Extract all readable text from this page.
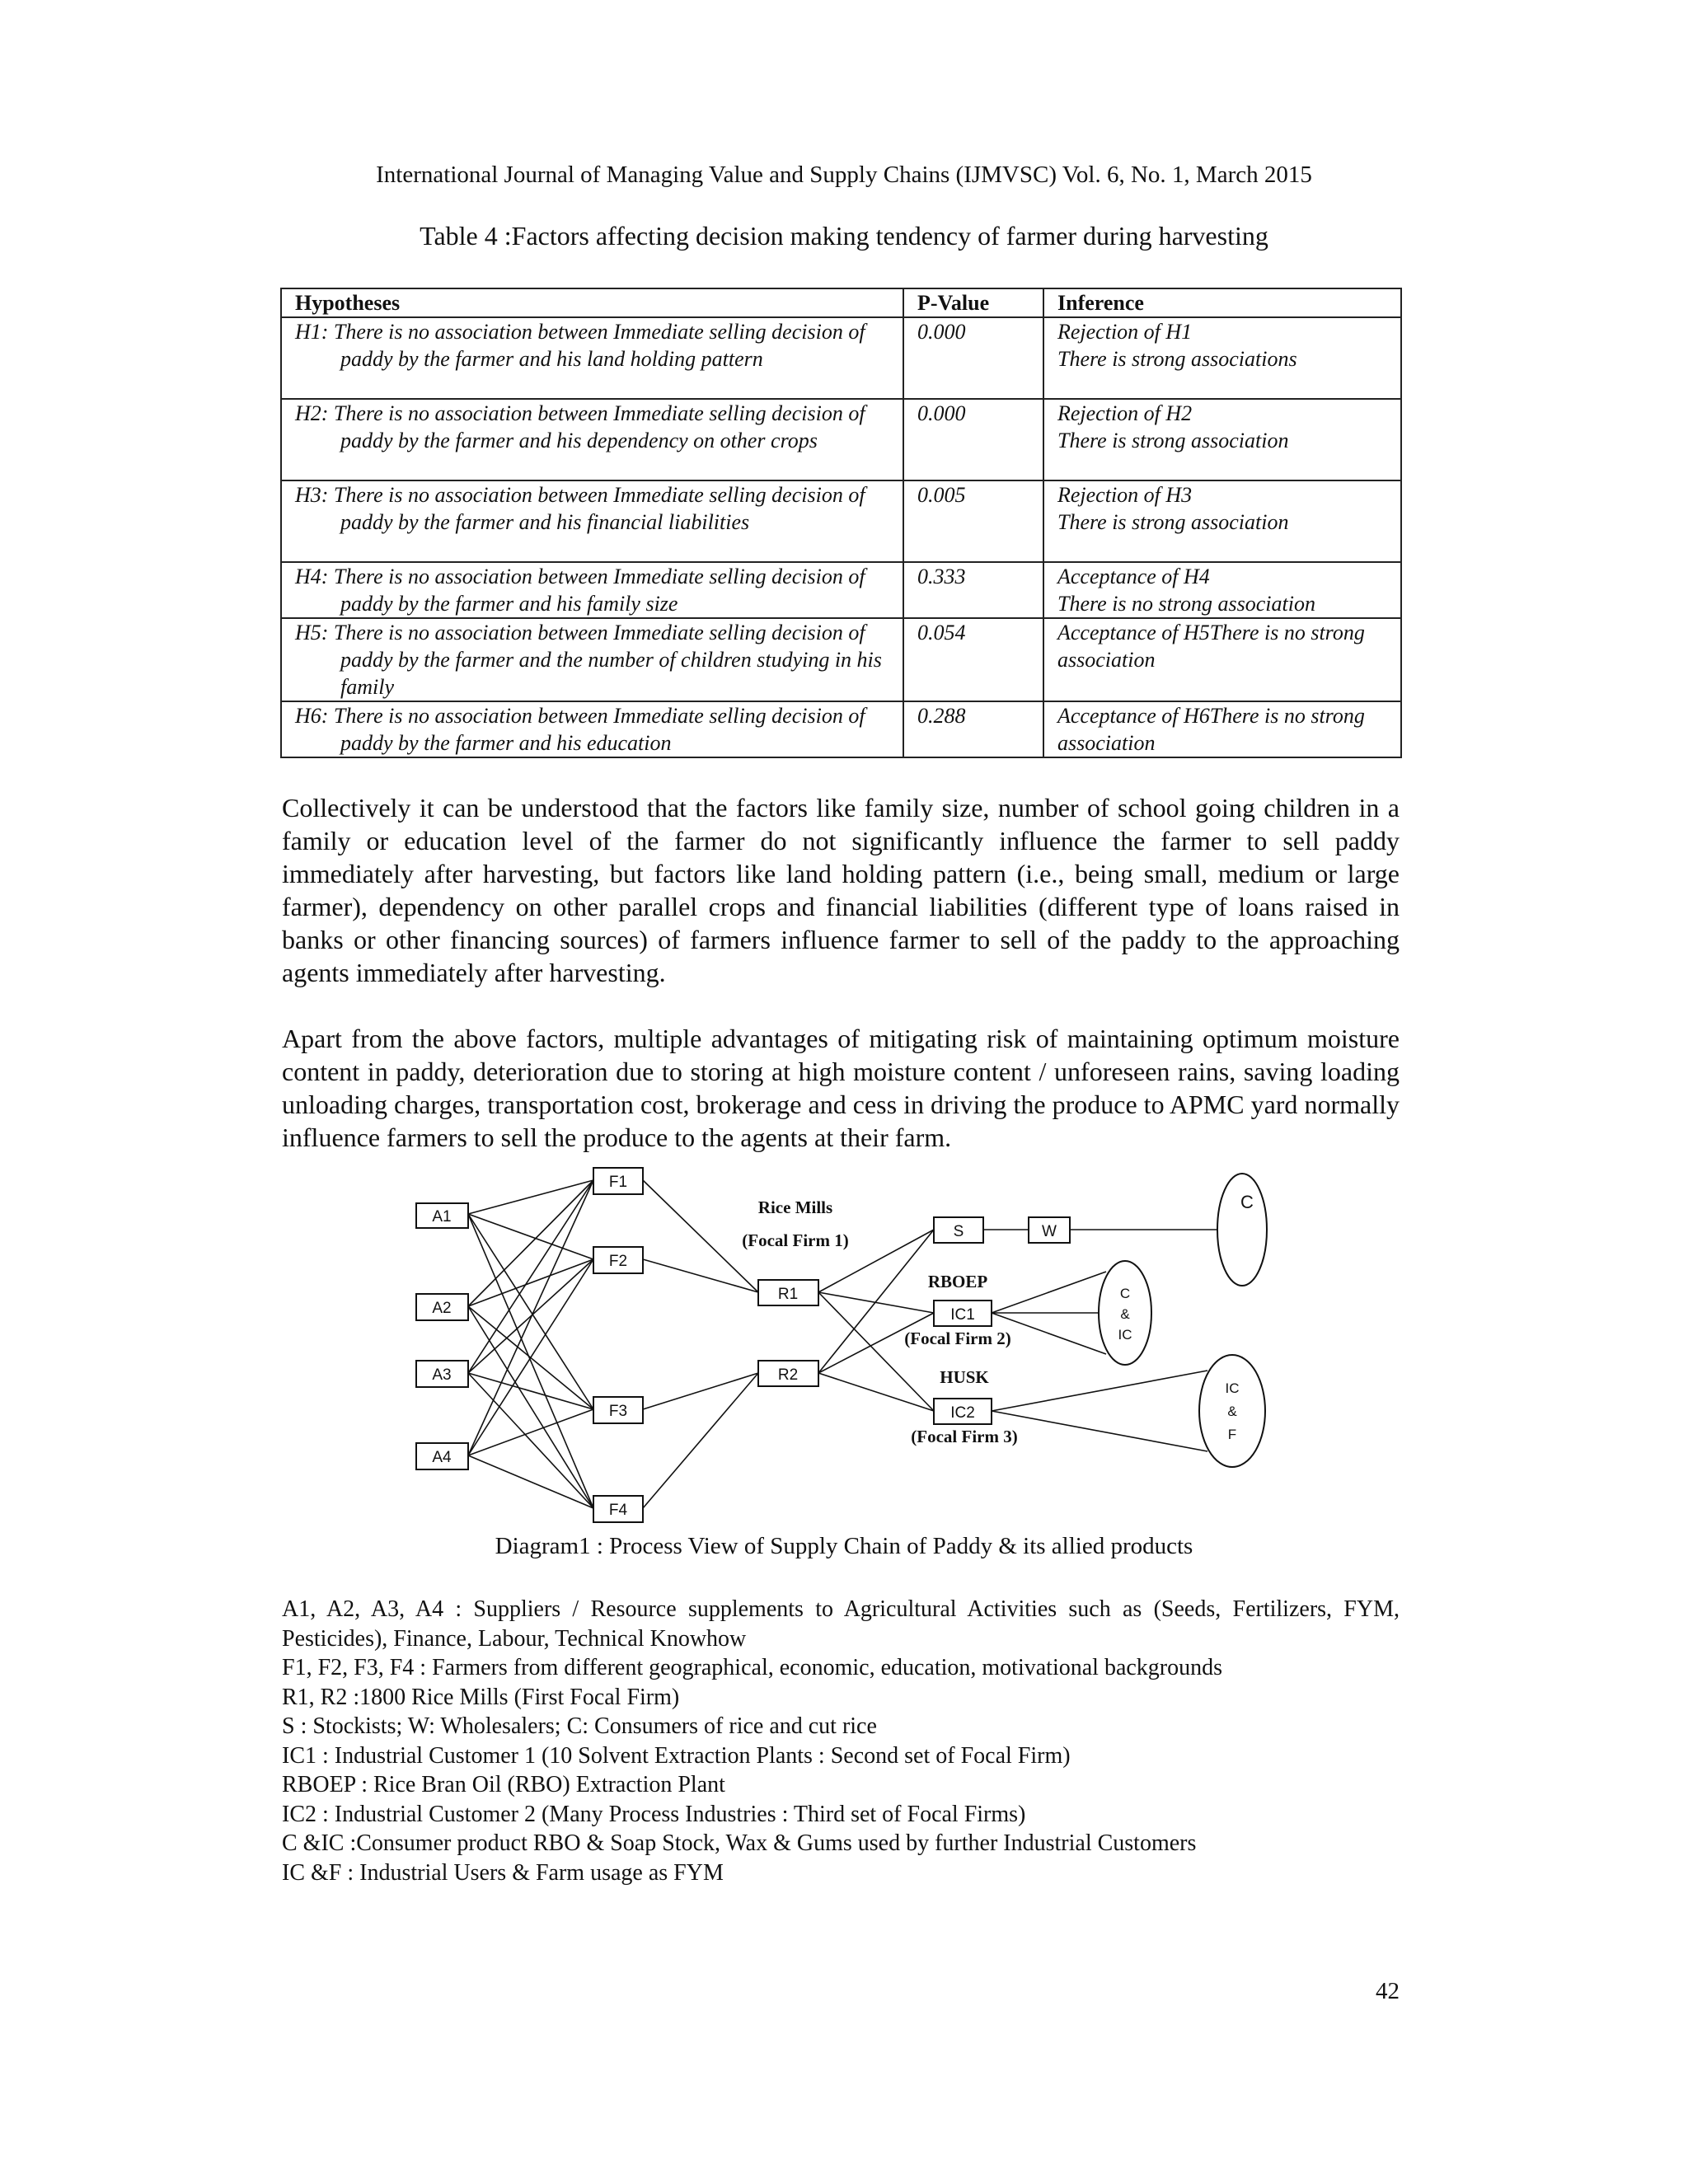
International Journal of Managing Value and Supply Chains (IJMVSC) Vol. 6, No. 1, March 2015
Table 4 :Factors affecting decision making tendency of farmer during harvesting
Hypotheses	P-Value	Inference

H1: There is no association between Immediate selling decision of paddy by the farmer and his land holding pattern	0.000	Rejection of H1
There is strong associations

H2: There is no association between Immediate selling decision of paddy by the farmer and his dependency on other crops	0.000	Rejection of H2
There is strong association

H3: There is no association between Immediate selling decision of paddy by the farmer and his financial liabilities	0.005	Rejection of H3
There is strong association

H4: There is no association between Immediate selling decision of paddy by the farmer and his family size	0.333	Acceptance of H4
There is no strong association

H5: There is no association between Immediate selling decision of paddy by the farmer and the number of children studying in his family	0.054	Acceptance of H5There is no strong association

H6: There is no association between Immediate selling decision of paddy by the farmer and his education	0.288	Acceptance of H6There is no strong association

Collectively it can be understood that the factors like family size, number of school going children in a family or education level of the farmer do not significantly influence the farmer to sell paddy immediately after harvesting, but factors like land holding pattern (i.e., being small, medium or large farmer), dependency on other parallel crops and financial liabilities (different type of loans raised in banks or other financing sources) of farmers influence farmer to sell of the paddy to the approaching agents immediately after harvesting.

Apart from the above factors, multiple advantages of mitigating risk of maintaining optimum moisture content in paddy, deterioration due to storing at high moisture content / unforeseen rains, saving loading unloading charges, transportation cost, brokerage and cess in driving the produce to APMC yard normally influence farmers to sell the produce to the agents at their farm.

A1
A2
A3
A4
F1
F2
F3
F4
R1
R2
S	W
IC1
IC2
C
C
&
IC
IC
&
F
Rice Mills
(Focal Firm 1)
RBOEP
(Focal Firm 2)
HUSK
(Focal Firm 3)
Diagram1 : Process View of Supply Chain of Paddy & its allied products
A1, A2, A3, A4 : Suppliers / Resource supplements to Agricultural Activities such as (Seeds, Fertilizers, FYM, Pesticides), Finance, Labour, Technical Knowhow
F1, F2, F3, F4 : Farmers from different geographical, economic, education, motivational backgrounds
R1, R2 :1800 Rice Mills (First Focal Firm)
S : Stockists; W: Wholesalers; C: Consumers of rice and cut rice
IC1 : Industrial Customer 1 (10 Solvent Extraction Plants : Second set of Focal Firm)
RBOEP : Rice Bran Oil (RBO) Extraction Plant
IC2 : Industrial Customer 2 (Many Process Industries : Third set of Focal Firms)
C &IC :Consumer product RBO & Soap Stock, Wax & Gums used by further Industrial Customers
IC &F : Industrial Users & Farm usage as FYM
42
